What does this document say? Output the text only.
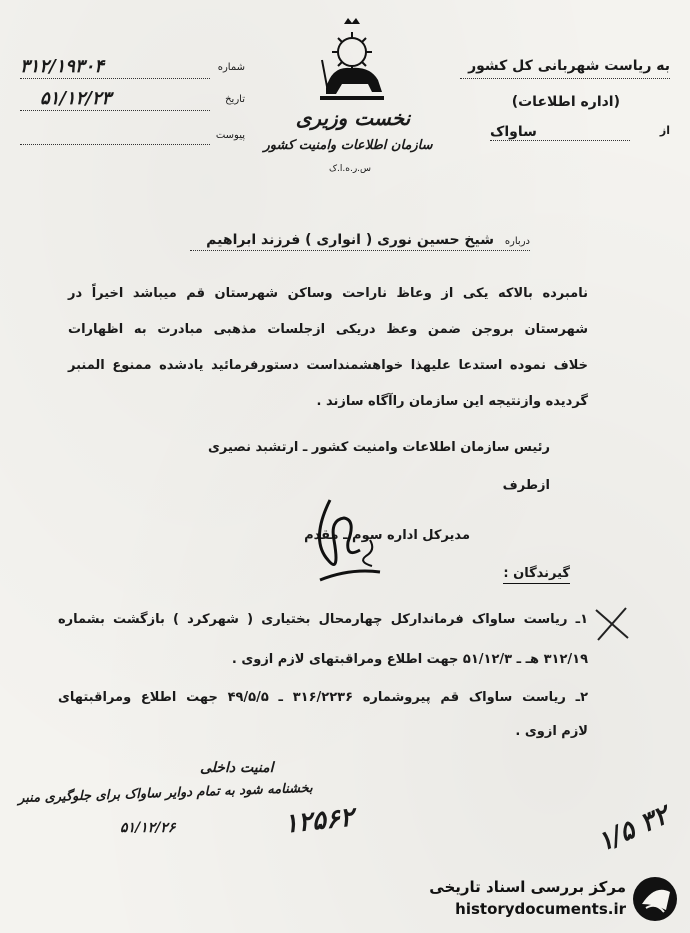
به ریاست شهربانی کل کشور
(اداره اطلاعات)
از
ساواک
نخست وزیری
سازمان اطلاعات وامنیت کشور
س.ر.ه.ا.ک
۳۱۲/۱۹۳۰۴	شماره
۵۱/۱۲/۲۳	تاریخ
پیوست
درباره
شیخ حسین نوری ( انواری ) فرزند ابراهیم
نامبرده بالاکه یکی از وعاظ ناراحت وساکن شهرستان قم میباشد اخیراً در
شهرستان بروجن ضمن وعظ دریکی ازجلسات مذهبی مبادرت به اظهارات
خلاف نموده استدعا علیهذا خواهشمنداست دستورفرمائید یادشده ممنوع المنبر
گردیده وازنتیجه این سازمان راآگاه سازند .
رئیس سازمان اطلاعات وامنیت کشور ـ ارتشبد نصیری
ازطرف
مدیرکل اداره سوم ـ مقدم
گیرندگان :
۱ـ ریاست ساواک فرماندارکل چهارمحال بختیاری ( شهرکرد ) بازگشت بشماره
۳۱۲/۱۹ هـ ـ ۵۱/۱۲/۳ جهت اطلاع ومراقبتهای لازم ازوی .
۲ـ ریاست ساواک قم پیروشماره ۳۱۶/۲۲۳۶ ـ ۴۹/۵/۵ جهت اطلاع ومراقبتهای
لازم ازوی .
امنیت داخلی
بخشنامه شود به تمام دوایر ساواک برای جلوگیری منبر
۵۱/۱۲/۲۶	۱۲۵۶۲	۱/۵ ۳۲
مرکز بررسی اسناد تاریخی
historydocuments.ir
